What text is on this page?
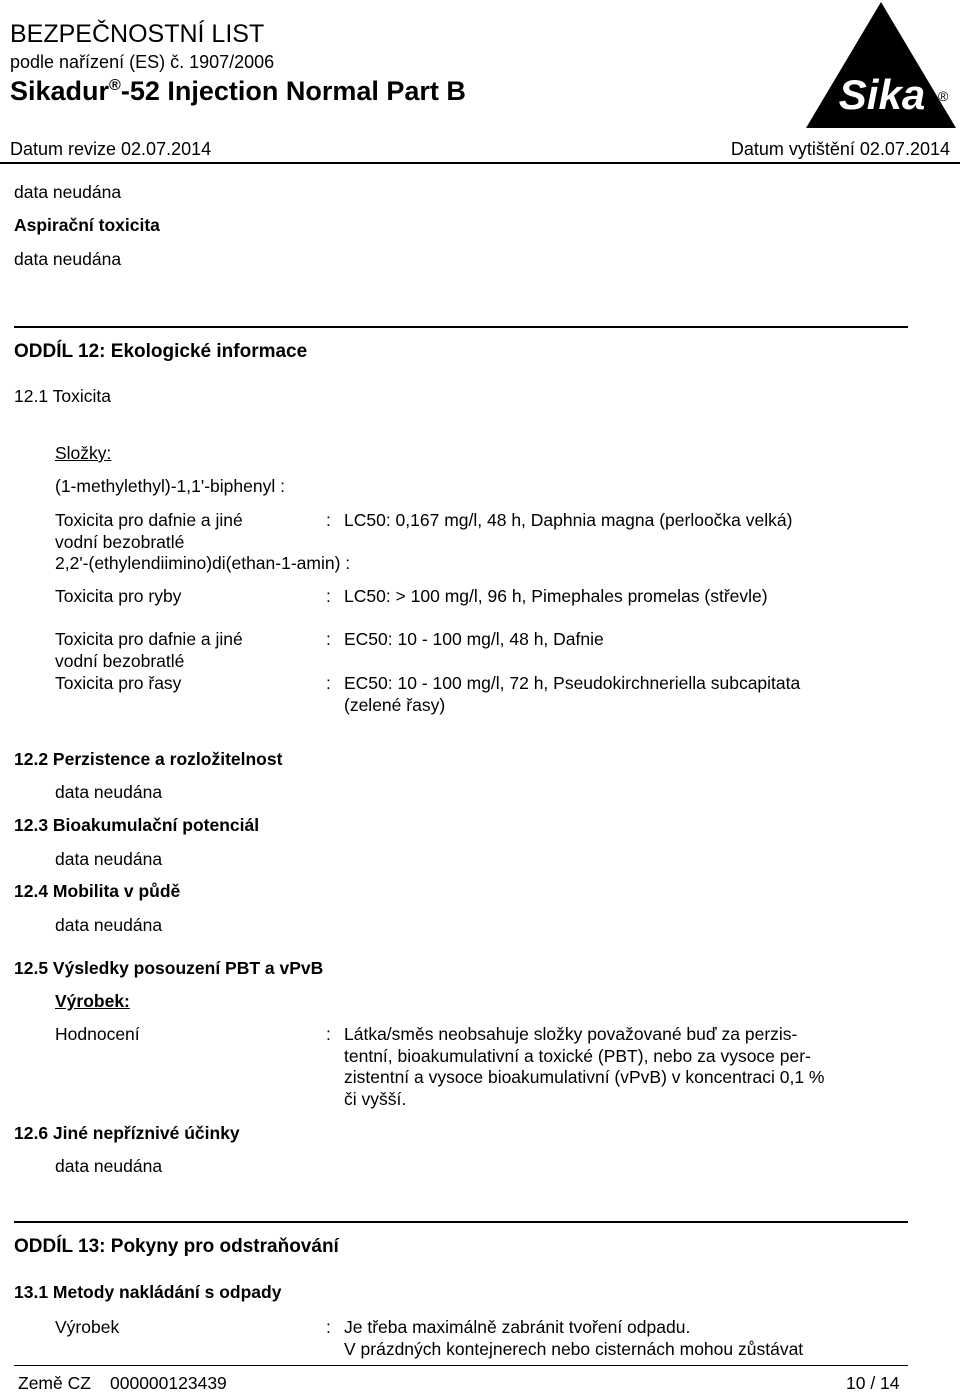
BEZPEČNOSTNÍ LIST
podle nařízení (ES) č. 1907/2006
Sikadur®-52 Injection Normal Part B	Sika ®
Datum revize 02.07.2014	Datum vytištění 02.07.2014
data neudána
Aspirační toxicita
data neudána
ODDÍL 12: Ekologické informace
12.1 Toxicita
Složky:
(1-methylethyl)-1,1'-biphenyl :
Toxicita pro dafnie a jiné
vodní bezobratlé
: LC50: 0,167 mg/l, 48 h, Daphnia magna (perloočka velká)
2,2'-(ethylendiimino)di(ethan-1-amin) :
Toxicita pro ryby	: LC50: > 100 mg/l, 96 h, Pimephales promelas (střevle)
Toxicita pro dafnie a jiné
vodní bezobratlé
: EC50: 10 - 100 mg/l, 48 h, Dafnie
Toxicita pro řasy	: EC50: 10 - 100 mg/l, 72 h, Pseudokirchneriella subcapitata
(zelené řasy)
12.2 Perzistence a rozložitelnost
data neudána
12.3 Bioakumulační potenciál
data neudána
12.4 Mobilita v půdě
data neudána
12.5 Výsledky posouzení PBT a vPvB
Výrobek:
Hodnocení	: Látka/směs neobsahuje složky považované buď za perzis-
tentní, bioakumulativní a toxické (PBT), nebo za vysoce per-
zistentní a vysoce bioakumulativní (vPvB) v koncentraci 0,1 %
či vyšší.
12.6 Jiné nepříznivé účinky
data neudána
ODDÍL 13: Pokyny pro odstraňování
13.1 Metody nakládání s odpady
Výrobek	: Je třeba maximálně zabránit tvoření odpadu.
V prázdných kontejnerech nebo cisternách mohou zůstávat
Země CZ 000000123439	10 / 14
